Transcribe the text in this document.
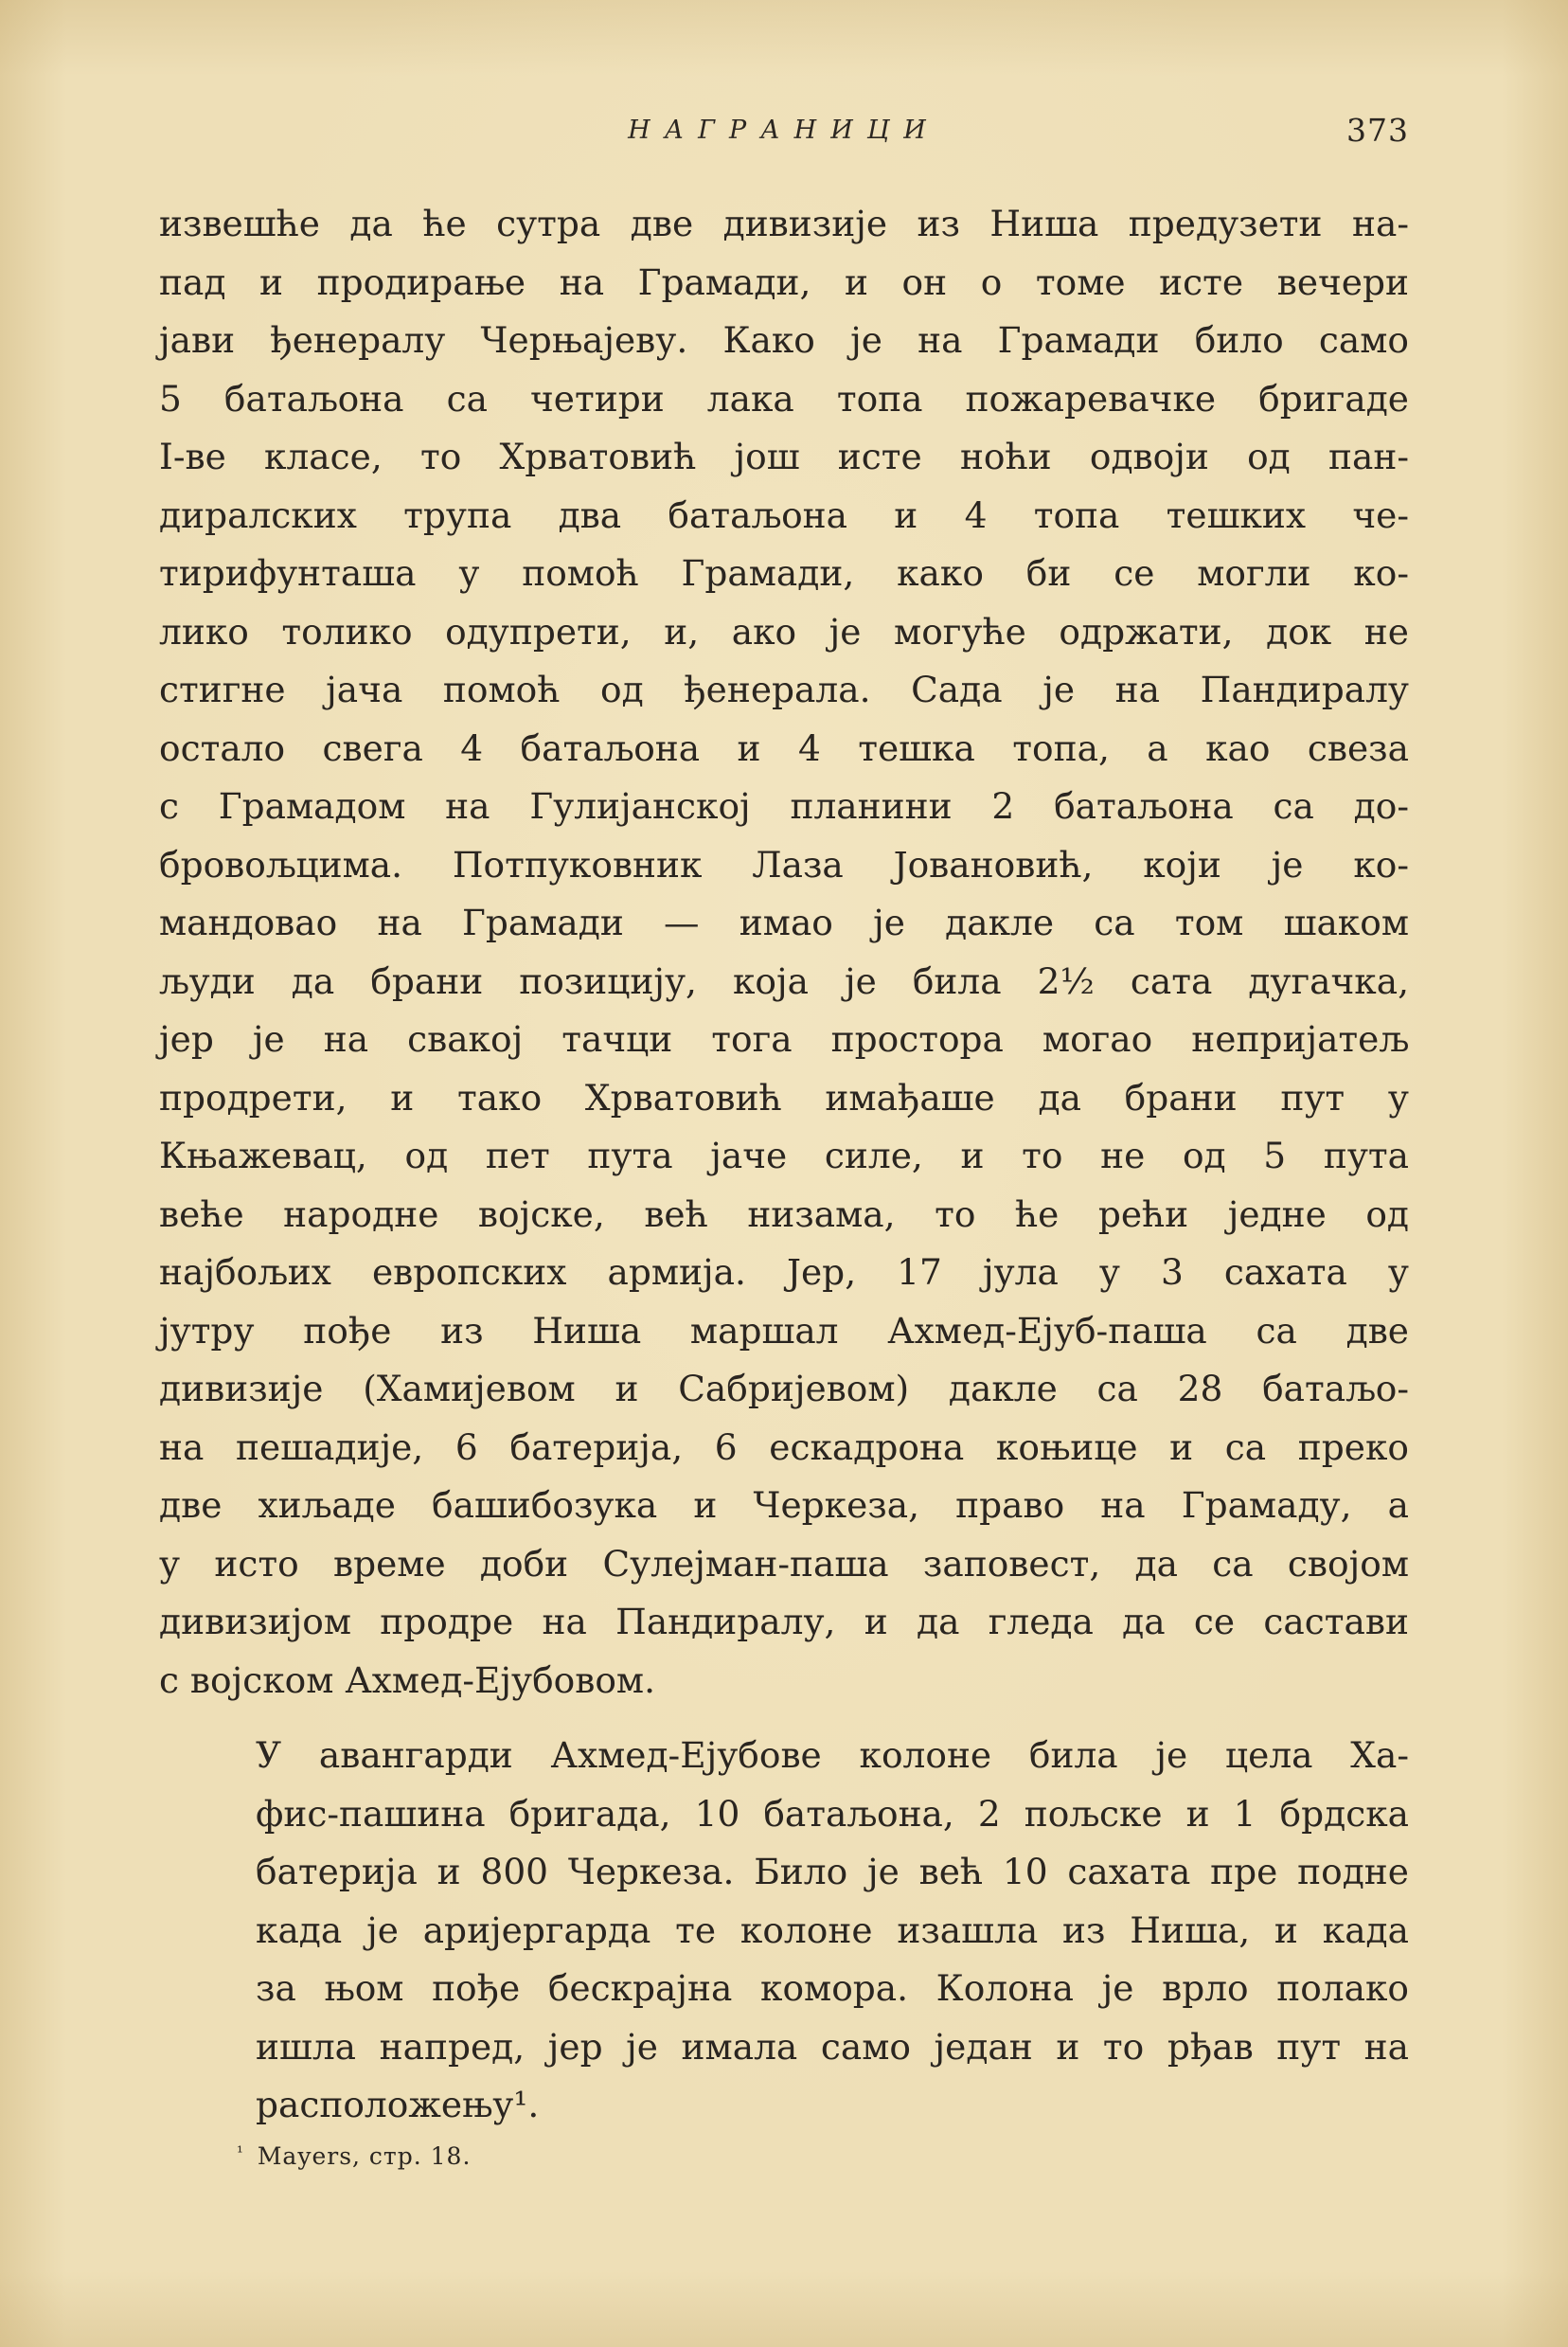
НАГРАНИЦИ	373
извешће да ће сутра две дивизије из Ниша предузети на-
пад и продирање на Грамади, и он о томе исте вечери
јави ђенералу Черњајеву. Како је на Грамади било само
5 батаљона са четири лака топа пожаревачке бригаде
I-ве класе, то Хрватовић још исте ноћи одвоји од пан-
диралских трупа два батаљона и 4 топа тешких че-
тирифунташа у помоћ Грамади, како би се могли ко-
лико толико одупрети, и, ако је могуће одржати, док не
стигне јача помоћ од ђенерала. Сада је на Пандиралу
остало свега 4 батаљона и 4 тешка топа, а као свеза
с Грамадом на Гулијанској планини 2 батаљона са до-
бровољцима. Потпуковник Лаза Јовановић, који је ко-
мандовао на Грамади — имао је дакле са том шаком
људи да брани позицију, која је била 2½ сата дугачка,
јер је на свакој тачци тога простора могао непријатељ
продрети, и тако Хрватовић имађаше да брани пут у
Књажевац, од пет пута јаче силе, и то не од 5 пута
веће народне војске, већ низама, то ће рећи једне од
најбољих европских армија. Јер, 17 јула у 3 сахата у
јутру пође из Ниша маршал Ахмед-Ејуб-паша са две
дивизије (Хамијевом и Сабријевом) дакле са 28 батаљо-
на пешадије, 6 батерија, 6 ескадрона коњице и са преко
две хиљаде башибозука и Черкеза, право на Грамаду, а
у исто време доби Сулејман-паша заповест, да са својом
дивизијом продре на Пандиралу, и да гледа да се састави
с војском Ахмед-Ејубовом.
У авангарди Ахмед-Ејубове колоне била је цела Ха-
фис-пашина бригада, 10 батаљона, 2 пољске и 1 брдска
батерија и 800 Черкеза. Било је већ 10 сахата пре подне
када је аријергарда те колоне изашла из Ниша, и када
за њом пође бескрајна комора. Колона је врло полако
ишла напред, јер је имала само један и то рђав пут на
расположењу¹.
$^{^1}$ Mayers, стр. 18.
